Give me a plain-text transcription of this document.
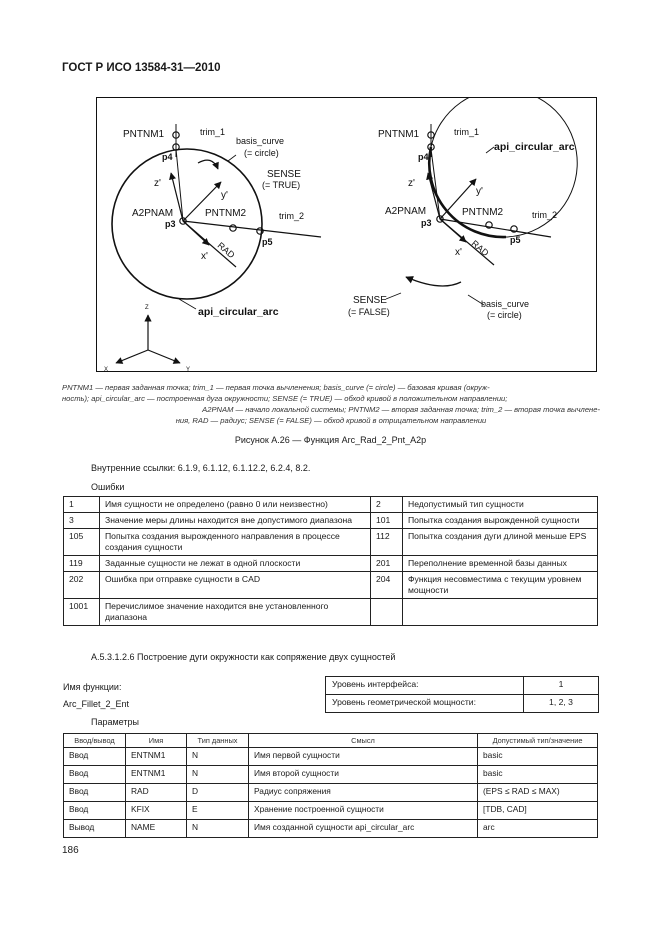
ГОСТ Р ИСО 13584-31—2010
PNTNM1	trim_1
basis_curve
(= circle)
p4
SENSE
(= TRUE)
z'
y'
A2PNAM	PNTNM2	trim_2
p3
p5
x' RAD
api_circular_arc
PNTNM1	trim_1
api_circular_arc
p4
z'
y'
A2PNAM	PNTNM2	trim_2
p3
p5
x' RAD
SENSE
(= FALSE)
basis_curve
(= circle)
Z
X	Y
PNTNM1 — первая заданная точка; trim_1 — первая точка вычленения; basis_curve (= circle) — базовая кривая (окруж-
ность); api_circular_arc — построенная дуга окружности; SENSE (= TRUE) — обход кривой в положительном направлении;
A2PNAM — начало локальной системы; PNTNM2 — вторая заданная точка; trim_2 — вторая точка вычлене-
ния, RAD — радиус; SENSE (= FALSE) — обход кривой в отрицательном направлении
Рисунок А.26 — Функция Arc_Rad_2_Pnt_A2p
Внутренние ссылки: 6.1.9, 6.1.12, 6.1.12.2, 6.2.4, 8.2.
Ошибки
1	Имя сущности не определено (равно 0 или неизвестно)	2	Недопустимый тип сущности
3	Значение меры длины находится вне допустимого диапазона	101	Попытка создания вырожденной сущности
105	Попытка создания вырожденного направления в процессе создания сущности	112	Попытка создания дуги длиной меньше EPS
119	Заданные сущности не лежат в одной плоскости	201	Переполнение временной базы данных
202	Ошибка при отправке сущности в CAD	204	Функция несовместима с текущим уровнем мощности
1001	Перечислимое значение находится вне установленного диапазона		
А.5.3.1.2.6 Построение дуги окружности как сопряжение двух сущностей
Имя функции:
Arc_Fillet_2_Ent
Уровень интерфейса:	1
Уровень геометрической мощности:	1, 2, 3
Параметры
Ввод/вывод	Имя	Тип данных	Смысл	Допустимый тип/значение
Ввод	ENTNM1	N	Имя первой сущности	basic
Ввод	ENTNM1	N	Имя второй сущности	basic
Ввод	RAD	D	Радиус сопряжения	(EPS ≤ RAD ≤ MAX)
Ввод	KFIX	E	Хранение построенной сущности	[TDB, CAD]
Вывод	NAME	N	Имя созданной сущности api_circular_arc	arc
186
